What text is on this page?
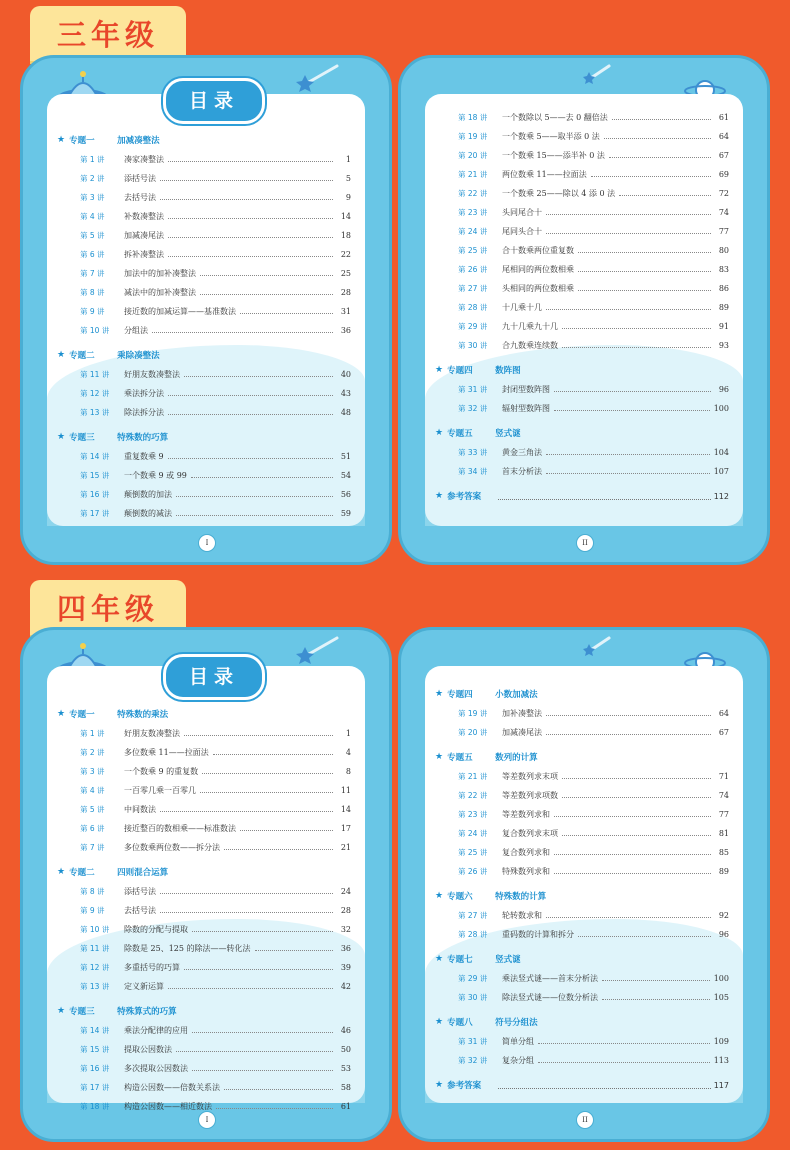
三年级
★ 专题一	加减凑整法
第 1 讲	凑家凑整法	1
第 2 讲	添括号法	5
第 3 讲	去括号法	9
第 4 讲	补数凑整法	14
第 5 讲	加减凑尾法	18
第 6 讲	拆补凑整法	22
第 7 讲	加法中的加补凑整法	25
第 8 讲	减法中的加补凑整法	28
第 9 讲	接近数的加减运算——基准数法	31
第 10 讲	分组法	36
★ 专题二	乘除凑整法
第 11 讲	好朋友数凑整法	40
第 12 讲	乘法拆分法	43
第 13 讲	除法拆分法	48
★ 专题三	特殊数的巧算
第 14 讲	重复数乘 9	51
第 15 讲	一个数乘 9 或 99	54
第 16 讲	颠倒数的加法	56
第 17 讲	颠倒数的减法	59
目录
I
第 18 讲	一个数除以 5——去 0 翻倍法	61
第 19 讲	一个数乘 5——取半添 0 法	64
第 20 讲	一个数乘 15——添半补 0 法	67
第 21 讲	两位数乘 11——拉面法	69
第 22 讲	一个数乘 25——除以 4 添 0 法	72
第 23 讲	头同尾合十	74
第 24 讲	尾同头合十	77
第 25 讲	合十数乘两位重复数	80
第 26 讲	尾相同的两位数相乘	83
第 27 讲	头相同的两位数相乘	86
第 28 讲	十几乘十几	89
第 29 讲	九十几乘九十几	91
第 30 讲	合九数乘连续数	93
★ 专题四	数阵图
第 31 讲	封闭型数阵图	96
第 32 讲	辐射型数阵图	100
★ 专题五	竖式谜
第 33 讲	黄金三角法	104
第 34 讲	首末分析法	107
★ 参考答案	112
II
四年级
★ 专题一	特殊数的乘法
第 1 讲	好朋友数凑整法	1
第 2 讲	多位数乘 11——拉面法	4
第 3 讲	一个数乘 9 的重复数	8
第 4 讲	一百零几乘一百零几	11
第 5 讲	中间数法	14
第 6 讲	接近整百的数相乘——标准数法	17
第 7 讲	多位数乘两位数——拆分法	21
★ 专题二	四则混合运算
第 8 讲	添括号法	24
第 9 讲	去括号法	28
第 10 讲	除数的分配与提取	32
第 11 讲	除数是 25、125 的除法——转化法	36
第 12 讲	多重括号的巧算	39
第 13 讲	定义新运算	42
★ 专题三	特殊算式的巧算
第 14 讲	乘法分配律的应用	46
第 15 讲	提取公因数法	50
第 16 讲	多次提取公因数法	53
第 17 讲	构造公因数——倍数关系法	58
第 18 讲	构造公因数——相近数法	61
目录
I
★ 专题四	小数加减法
第 19 讲	加补凑整法	64
第 20 讲	加减凑尾法	67
★ 专题五	数列的计算
第 21 讲	等差数列求末项	71
第 22 讲	等差数列求项数	74
第 23 讲	等差数列求和	77
第 24 讲	复合数列求末项	81
第 25 讲	复合数列求和	85
第 26 讲	特殊数列求和	89
★ 专题六	特殊数的计算
第 27 讲	轮转数求和	92
第 28 讲	重码数的计算和拆分	96
★ 专题七	竖式谜
第 29 讲	乘法竖式谜——首末分析法	100
第 30 讲	除法竖式谜——位数分析法	105
★ 专题八	符号分组法
第 31 讲	简单分组	109
第 32 讲	复杂分组	113
★ 参考答案	117
II
